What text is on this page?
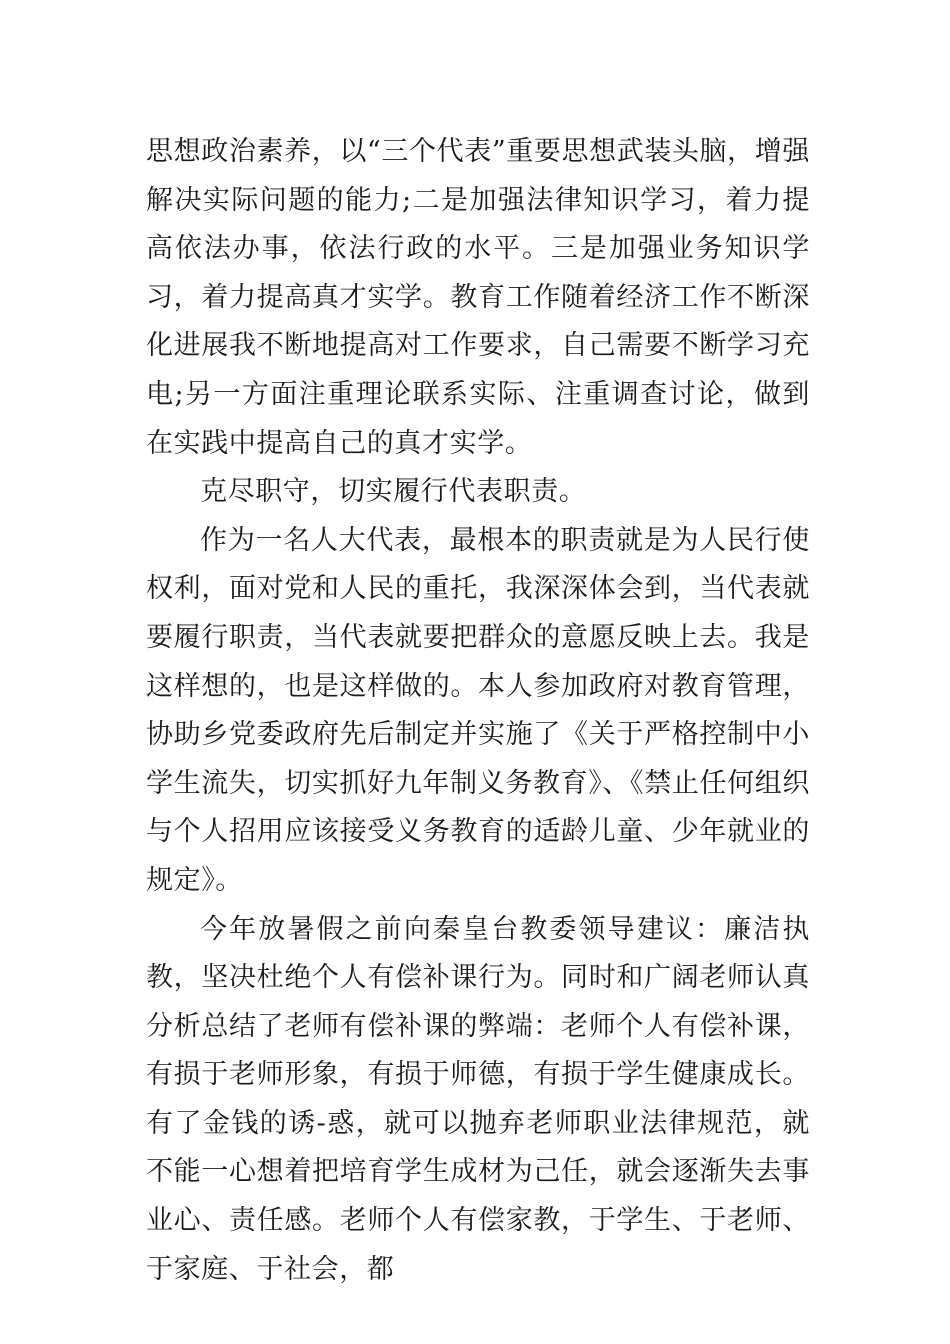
思想政治素养，以“三个代表”重要思想武装头脑，增强解决实际问题的能力;二是加强法律知识学习，着力提高依法办事，依法行政的水平。三是加强业务知识学习，着力提高真才实学。教育工作随着经济工作不断深化进展我不断地提高对工作要求，自己需要不断学习充电;另一方面注重理论联系实际、注重调查讨论，做到在实践中提高自己的真才实学。

克尽职守，切实履行代表职责。

作为一名人大代表，最根本的职责就是为人民行使权利，面对党和人民的重托，我深深体会到，当代表就要履行职责，当代表就要把群众的意愿反映上去。我是这样想的，也是这样做的。本人参加政府对教育管理，协助乡党委政府先后制定并实施了《关于严格控制中小学生流失，切实抓好九年制义务教育》、《禁止任何组织与个人招用应该接受义务教育的适龄儿童、少年就业的规定》。

今年放暑假之前向秦皇台教委领导建议：廉洁执教，坚决杜绝个人有偿补课行为。同时和广阔老师认真分析总结了老师有偿补课的弊端：老师个人有偿补课，有损于老师形象，有损于师德，有损于学生健康成长。有了金钱的诱-惑，就可以抛弃老师职业法律规范，就不能一心想着把培育学生成材为己任，就会逐渐失去事业心、责任感。老师个人有偿家教，于学生、于老师、于家庭、于社会，都
